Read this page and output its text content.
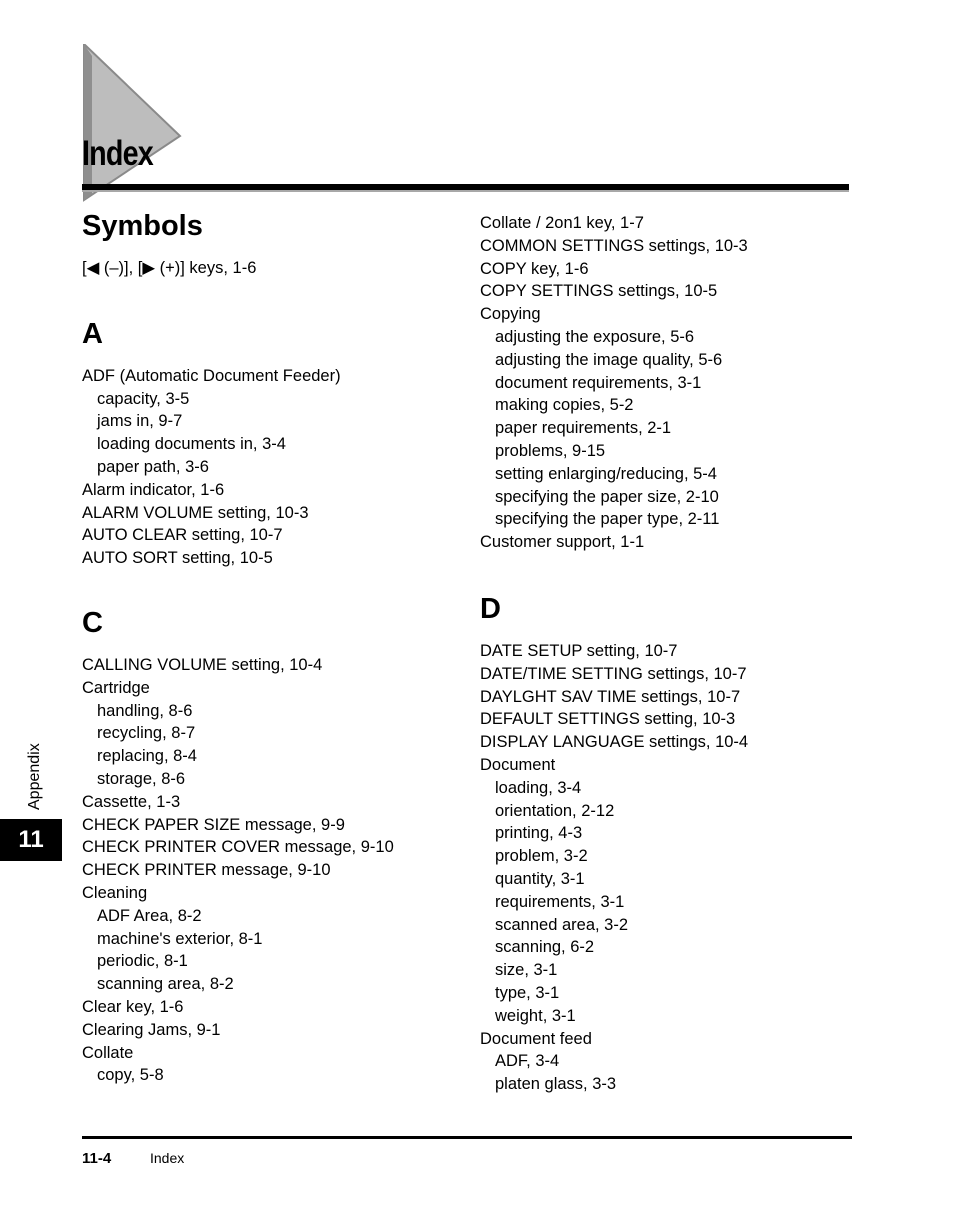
Index
Symbols
[◀ (–)], [▶ (+)] keys, 1-6
A
ADF (Automatic Document Feeder)
capacity, 3-5
jams in, 9-7
loading documents in, 3-4
paper path, 3-6
Alarm indicator, 1-6
ALARM VOLUME setting, 10-3
AUTO CLEAR setting, 10-7
AUTO SORT setting, 10-5
C
CALLING VOLUME setting, 10-4
Cartridge
handling, 8-6
recycling, 8-7
replacing, 8-4
storage, 8-6
Cassette, 1-3
CHECK PAPER SIZE message, 9-9
CHECK PRINTER COVER message, 9-10
CHECK PRINTER message, 9-10
Cleaning
ADF Area, 8-2
machine's exterior, 8-1
periodic, 8-1
scanning area, 8-2
Clear key, 1-6
Clearing Jams, 9-1
Collate
copy, 5-8
Collate / 2on1 key, 1-7
COMMON SETTINGS settings, 10-3
COPY key, 1-6
COPY SETTINGS settings, 10-5
Copying
adjusting the exposure, 5-6
adjusting the image quality, 5-6
document requirements, 3-1
making copies, 5-2
paper requirements, 2-1
problems, 9-15
setting enlarging/reducing, 5-4
specifying the paper size, 2-10
specifying the paper type, 2-11
Customer support, 1-1
D
DATE SETUP setting, 10-7
DATE/TIME SETTING settings, 10-7
DAYLGHT SAV TIME settings, 10-7
DEFAULT SETTINGS setting, 10-3
DISPLAY LANGUAGE settings, 10-4
Document
loading, 3-4
orientation, 2-12
printing, 4-3
problem, 3-2
quantity, 3-1
requirements, 3-1
scanned area, 3-2
scanning, 6-2
size, 3-1
type, 3-1
weight, 3-1
Document feed
ADF, 3-4
platen glass, 3-3
Appendix
11
11-4	Index
